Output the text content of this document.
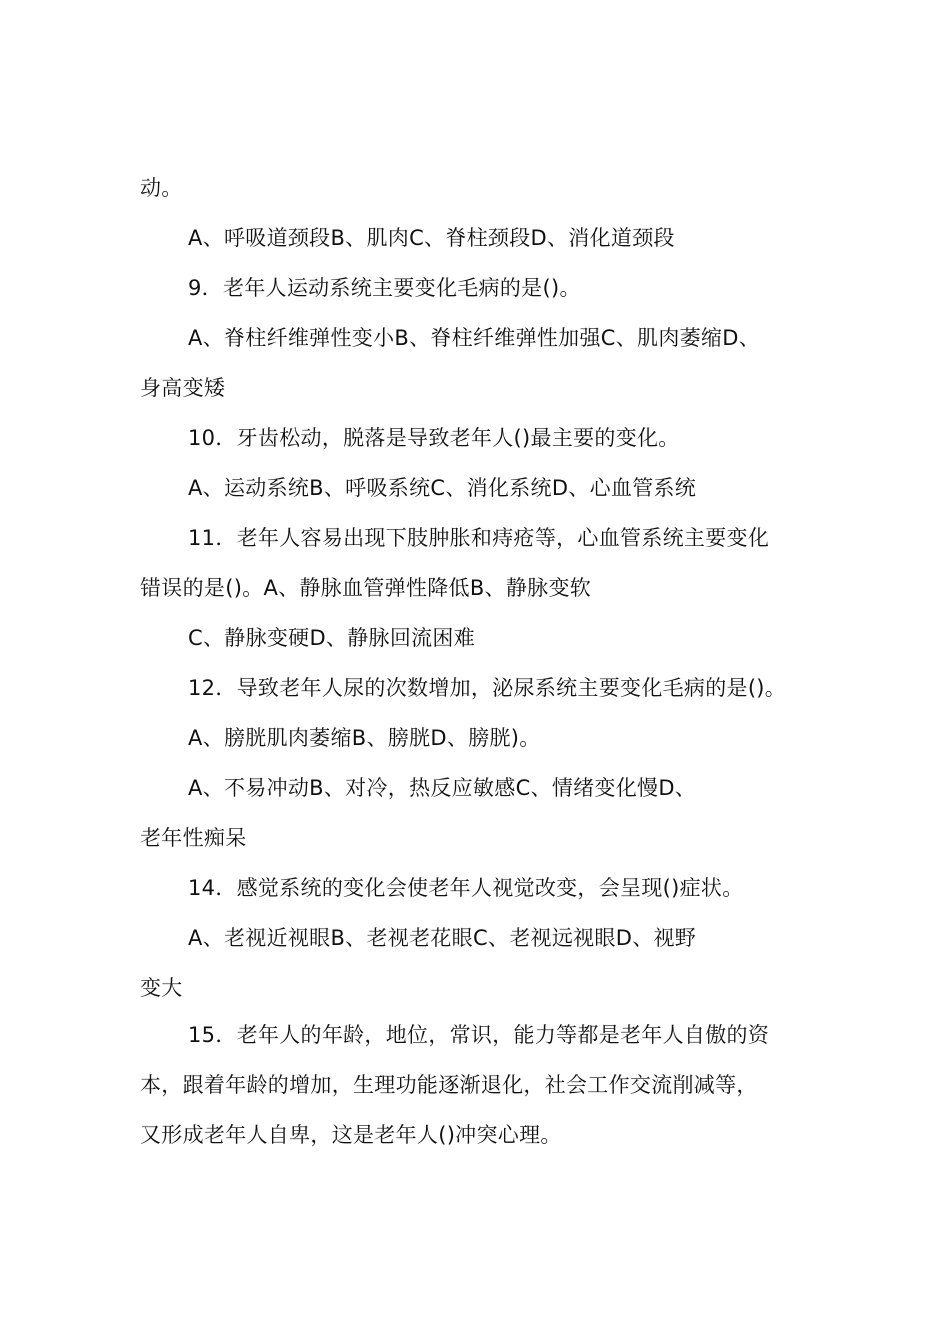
动。
A、呼吸道颈段B、肌肉C、脊柱颈段D、消化道颈段
9．老年人运动系统主要变化毛病的是()。
A、脊柱纤维弹性变小B、脊柱纤维弹性加强C、肌肉萎缩D、
身高变矮
10．牙齿松动，脱落是导致老年人()最主要的变化。
A、运动系统B、呼吸系统C、消化系统D、心血管系统
11．老年人容易出现下肢肿胀和痔疮等，心血管系统主要变化
错误的是()。A、静脉血管弹性降低B、静脉变软
C、静脉变硬D、静脉回流困难
12．导致老年人尿的次数增加，泌尿系统主要变化毛病的是()。
A、膀胱肌肉萎缩B、膀胱D、膀胱)。
A、不易冲动B、对冷，热反应敏感C、情绪变化慢D、
老年性痴呆
14．感觉系统的变化会使老年人视觉改变，会呈现()症状。
A、老视近视眼B、老视老花眼C、老视远视眼D、视野
变大
15．老年人的年龄，地位，常识，能力等都是老年人自傲的资
本，跟着年龄的增加，生理功能逐渐退化，社会工作交流削减等，
又形成老年人自卑，这是老年人()冲突心理。
